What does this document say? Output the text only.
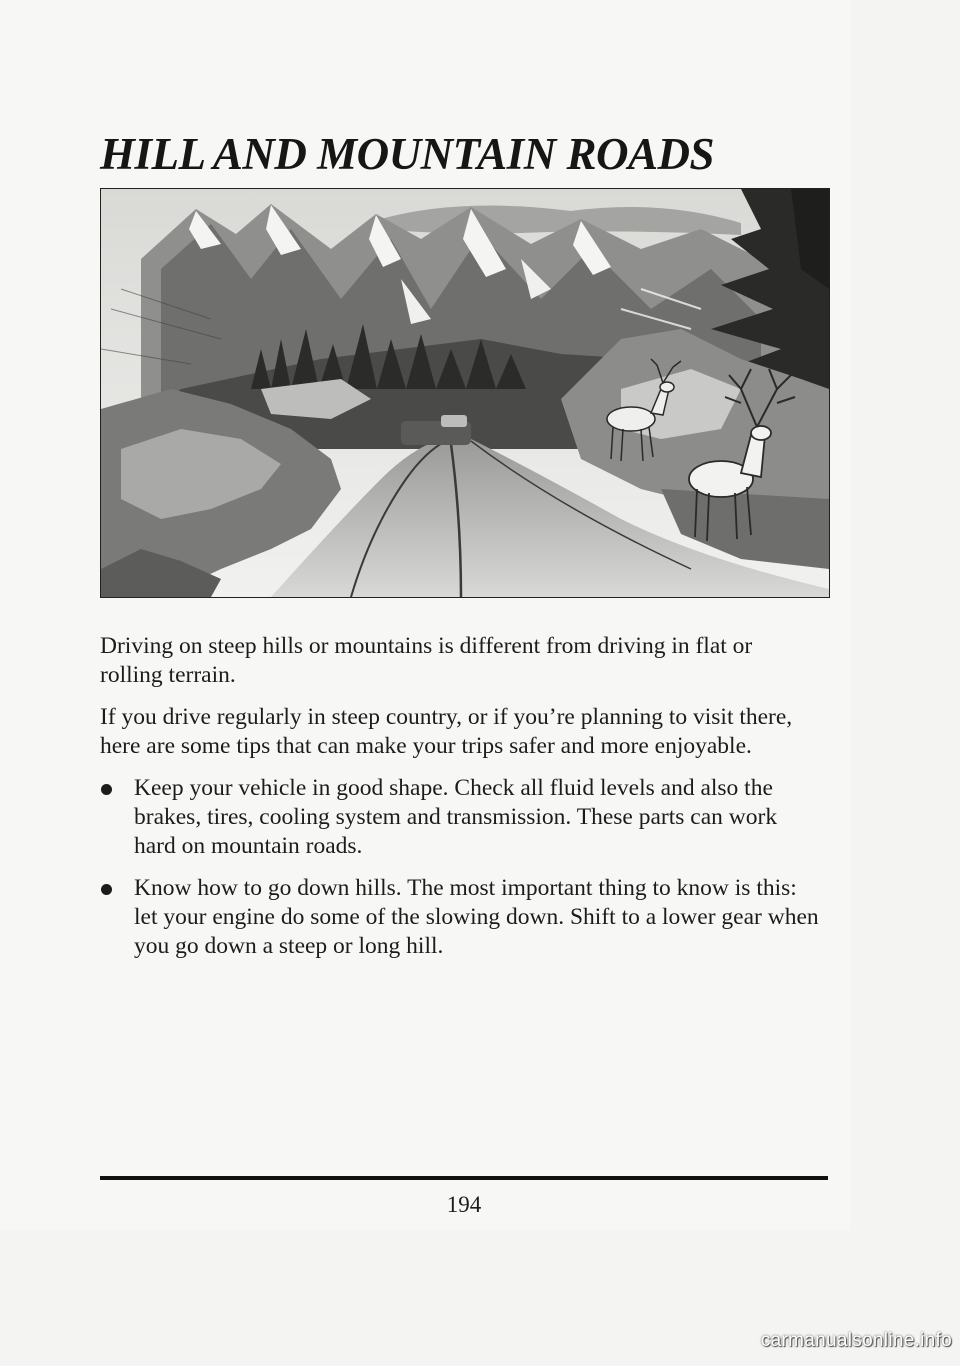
HILL AND MOUNTAIN ROADS

Driving on steep hills or mountains is different from driving in flat or rolling terrain.

If you drive regularly in steep country, or if you’re planning to visit there, here are some tips that can make your trips safer and more enjoyable.

Keep your vehicle in good shape. Check all fluid levels and also the brakes, tires, cooling system and transmission. These parts can work hard on mountain roads.
Know how to go down hills. The most important thing to know is this: let your engine do some of the slowing down. Shift to a lower gear when you go down a steep or long hill.
194
carmanualsonline.info
